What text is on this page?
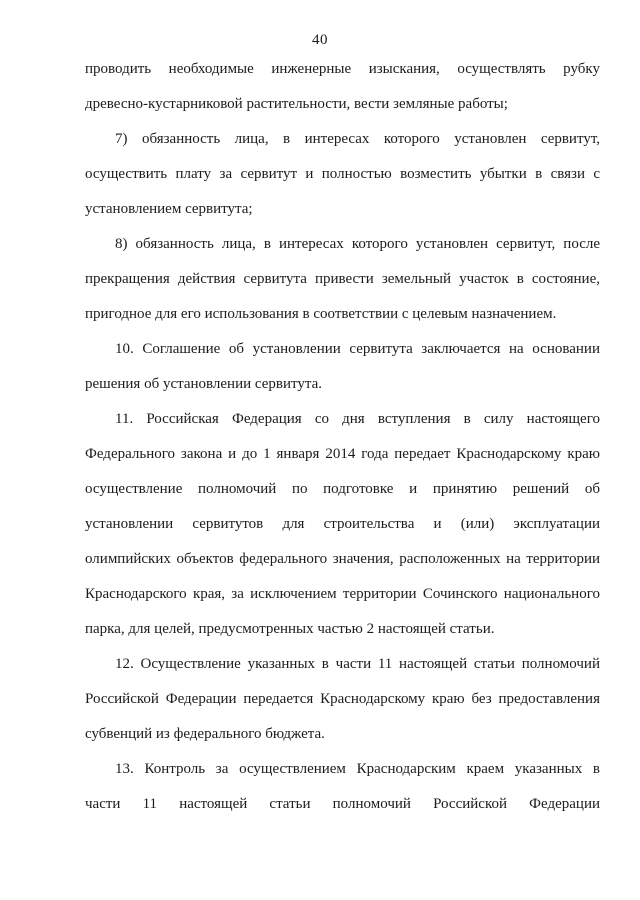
40

проводить необходимые инженерные изыскания, осуществлять рубку
древесно-кустарниковой растительности, вести земляные работы;

7) обязанность лица, в интересах которого установлен сервитут,
осуществить плату за сервитут и полностью возместить убытки в связи с
установлением сервитута;

8) обязанность лица, в интересах которого установлен сервитут, после
прекращения действия сервитута привести земельный участок в состояние,
пригодное для его использования в соответствии с целевым назначением.

10. Соглашение об установлении сервитута заключается на основании
решения об установлении сервитута.

11. Российская Федерация со дня вступления в силу настоящего
Федерального закона и до 1 января 2014 года передает Краснодарскому краю
осуществление полномочий по подготовке и принятию решений об
установлении сервитутов для строительства и (или) эксплуатации
олимпийских объектов федерального значения, расположенных на территории
Краснодарского края, за исключением территории Сочинского национального
парка, для целей, предусмотренных частью 2 настоящей статьи.

12. Осуществление указанных в части 11 настоящей статьи полномочий
Российской Федерации передается Краснодарскому краю без предоставления
субвенций из федерального бюджета.

13. Контроль за осуществлением Краснодарским краем указанных в
части 11 настоящей статьи полномочий Российской Федерации
